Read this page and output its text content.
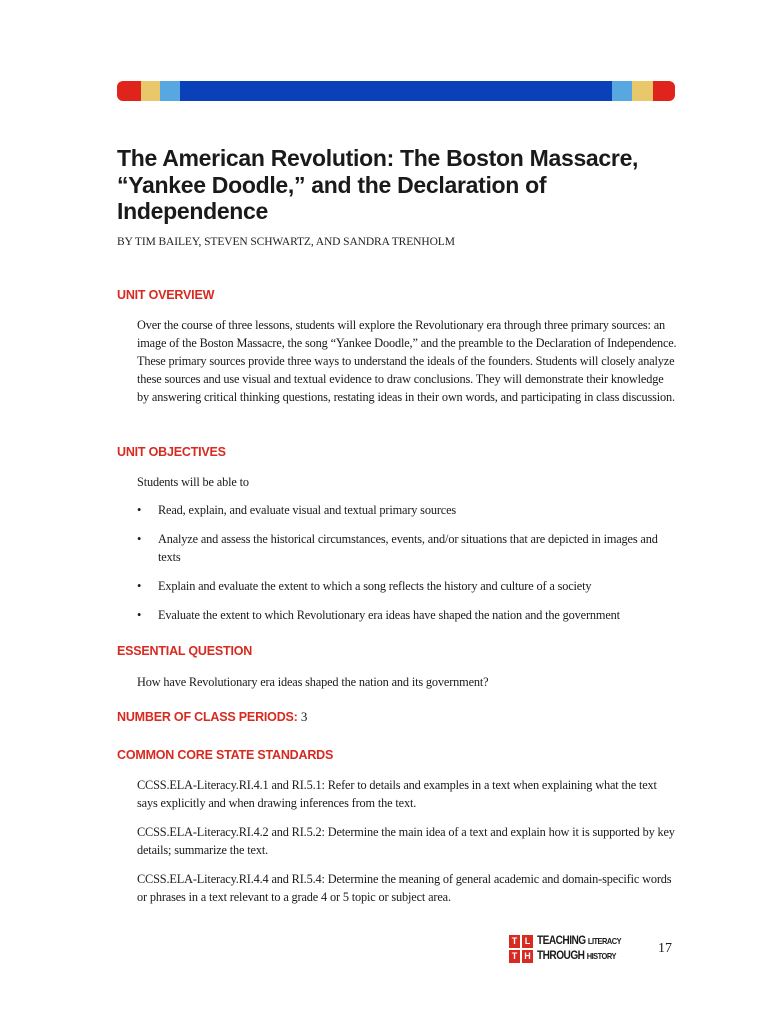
The American Revolution: The Boston Massacre, “Yankee Doodle,” and the Declaration of Independence

BY TIM BAILEY, STEVEN SCHWARTZ, AND SANDRA TRENHOLM

UNIT OVERVIEW

Over the course of three lessons, students will explore the Revolutionary era through three primary sources: an image of the Boston Massacre, the song “Yankee Doodle,” and the preamble to the Declaration of Independence. These primary sources provide three ways to understand the ideals of the founders. Students will closely analyze these sources and use visual and textual evidence to draw conclusions. They will demonstrate their knowledge by answering critical thinking questions, restating ideas in their own words, and participating in class discussion.

UNIT OBJECTIVES

Students will be able to

• Read, explain, and evaluate visual and textual primary sources
• Analyze and assess the historical circumstances, events, and/or situations that are depicted in images and texts
• Explain and evaluate the extent to which a song reflects the history and culture of a society
• Evaluate the extent to which Revolutionary era ideas have shaped the nation and the government
ESSENTIAL QUESTION

How have Revolutionary era ideas shaped the nation and its government?

NUMBER OF CLASS PERIODS: 3
COMMON CORE STATE STANDARDS

CCSS.ELA-Literacy.RI.4.1 and RI.5.1: Refer to details and examples in a text when explaining what the text says explicitly and when drawing inferences from the text.

CCSS.ELA-Literacy.RI.4.2 and RI.5.2: Determine the main idea of a text and explain how it is supported by key details; summarize the text.

CCSS.ELA-Literacy.RI.4.4 and RI.5.4: Determine the meaning of general academic and domain-specific words or phrases in a text relevant to a grade 4 or 5 topic or subject area.

T L
T H
TEACHING LITERACY
THROUGH HISTORY	17
